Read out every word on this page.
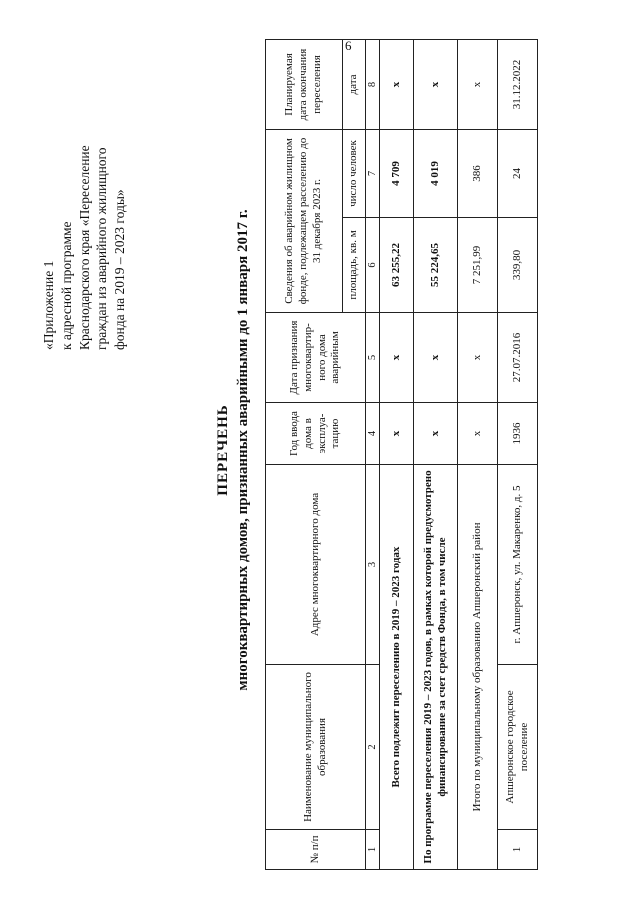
6
«Приложение 1 к адресной программе Краснодарского края «Переселение граждан из аварийного жилищного фонда на 2019 – 2023 годы»
ПЕРЕЧЕНЬ многоквартирных домов, признанных аварийными до 1 января 2017 г.
№ п/п	Наименование муниципального образования	Адрес многоквартирного дома	Год ввода дома в эксплуа-тацию	Дата признания многоквартир-ного дома аварийным	Сведения об аварийном жилищном фонде, подлежащем расселению до 31 декабря 2023 г.		Планируемая дата окончания переселения
					площадь, кв. м	число человек	дата
1	2	3	4	5	6	7	8
Всего подлежит переселению в 2019 – 2023 годах			x	x	63 255,22	4 709	x
По программе переселения 2019 – 2023 годов, в рамках которой предусмотрено финансирование за счет средств Фонда, в том числе			x	x	55 224,65	4 019	x
Итого по муниципальному образованию Апшеронский район			x	x	7 251,99	386	x
1	Апшеронское городское поселение	г. Апшеронск, ул. Макаренко, д. 5	1936	27.07.2016	339,80	24	31.12.2022
